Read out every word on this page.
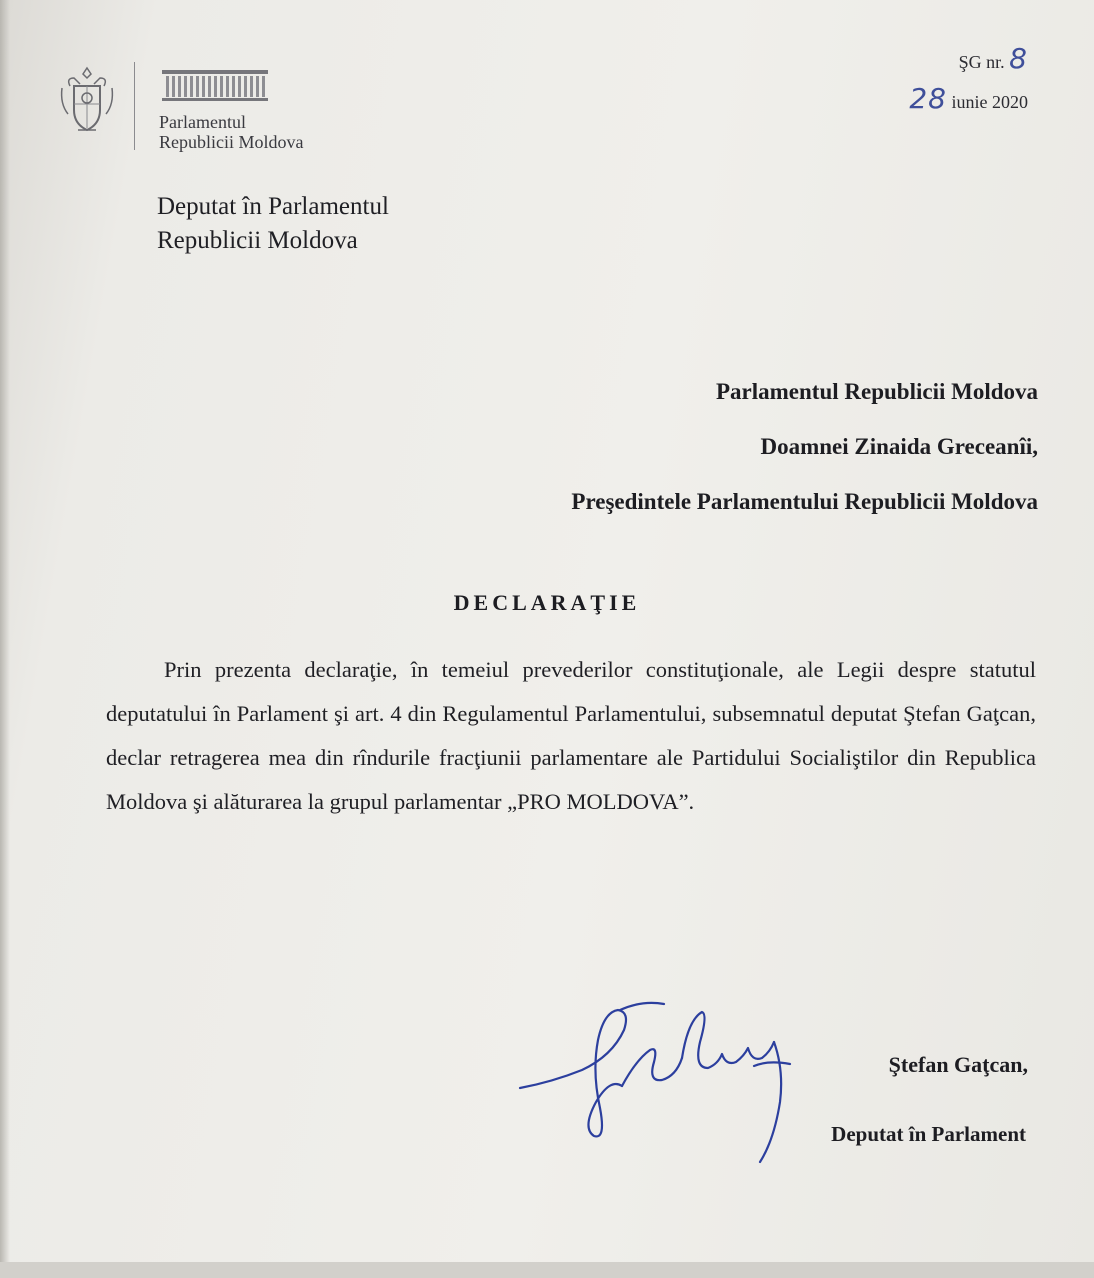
Parlamentul
Republicii Moldova
ŞG nr. 8
28 iunie 2020
Deputat în Parlamentul
Republicii Moldova
Parlamentul Republicii Moldova
Doamnei Zinaida Greceanîi,
Preşedintele Parlamentului Republicii Moldova
DECLARAŢIE
Prin prezenta declaraţie, în temeiul prevederilor constituţionale, ale Legii despre statutul deputatului în Parlament şi art. 4 din Regulamentul Parlamentului, subsemnatul deputat Ştefan Gaţcan, declar retragerea mea din rîndurile fracţiunii parlamentare ale Partidului Socialiştilor din Republica Moldova şi alăturarea la grupul parlamentar „PRO MOLDOVA”.
Ştefan Gaţcan,
Deputat în Parlament
